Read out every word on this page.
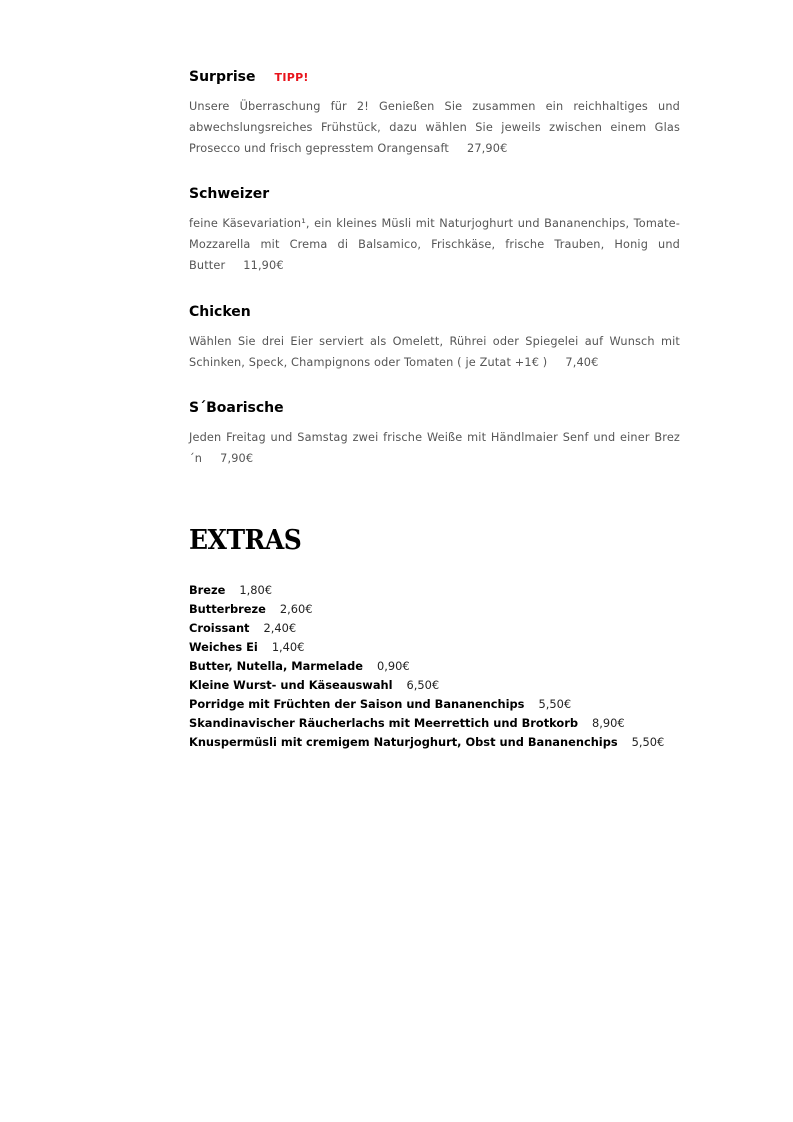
Surprise TIPP!
Unsere Überraschung für 2! Genießen Sie zusammen ein reichhaltiges und abwechslungsreiches Frühstück, dazu wählen Sie jeweils zwischen einem Glas Prosecco und frisch gepresstem Orangensaft 27,90€
Schweizer
feine Käsevariation¹, ein kleines Müsli mit Naturjoghurt und Bananenchips, Tomate-Mozzarella mit Crema di Balsamico, Frischkäse, frische Trauben, Honig und Butter 11,90€
Chicken
Wählen Sie drei Eier serviert als Omelett, Rührei oder Spiegelei auf Wunsch mit Schinken, Speck, Champignons oder Tomaten ( je Zutat +1€ ) 7,40€
S´Boarische
Jeden Freitag und Samstag zwei frische Weiße mit Händlmaier Senf und einer Brez´n 7,90€
EXTRAS
Breze 1,80€
Butterbreze 2,60€
Croissant 2,40€
Weiches Ei 1,40€
Butter, Nutella, Marmelade 0,90€
Kleine Wurst- und Käseauswahl 6,50€
Porridge mit Früchten der Saison und Bananenchips 5,50€
Skandinavischer Räucherlachs mit Meerrettich und Brotkorb 8,90€
Knuspermüsli mit cremigem Naturjoghurt, Obst und Bananenchips 5,50€
